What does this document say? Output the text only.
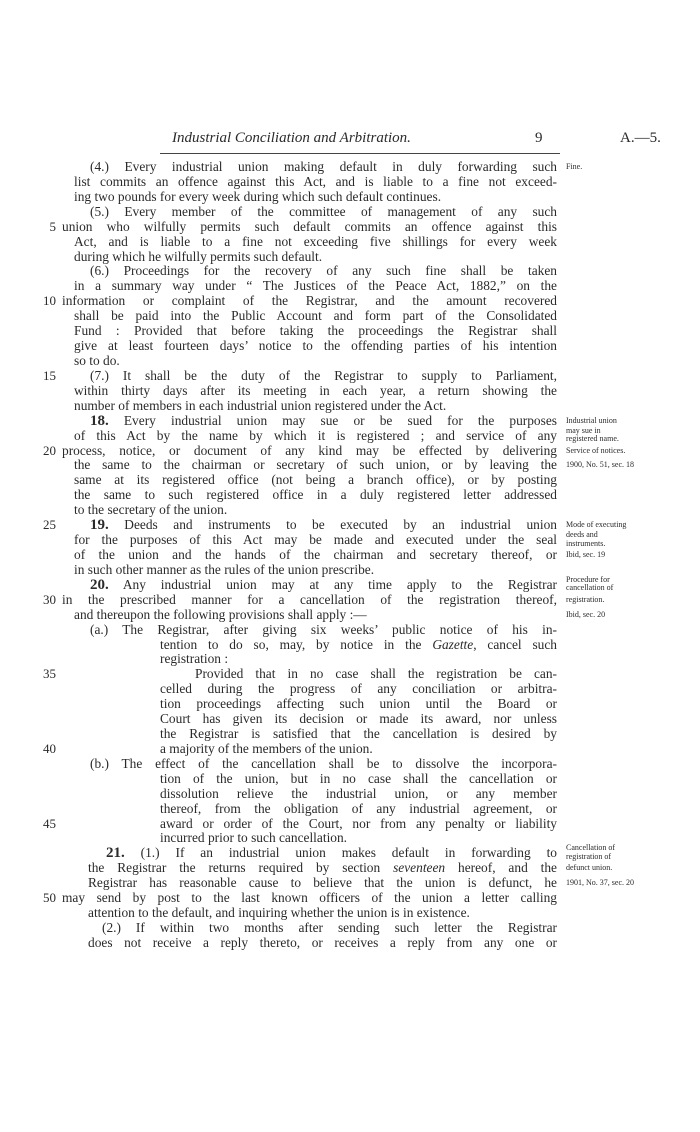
Industrial Conciliation and Arbitration.	9	A.—5.
(4.) Every industrial union making default in duly forwarding such Fine.
list commits an offence against this Act, and is liable to a fine not exceed-
ing two pounds for every week during which such default continues.
(5.) Every member of the committee of management of any such
5 union who wilfully permits such default commits an offence against this
Act, and is liable to a fine not exceeding five shillings for every week
during which he wilfully permits such default.
(6.) Proceedings for the recovery of any such fine shall be taken
in a summary way under “ The Justices of the Peace Act, 1882,” on the
10 information or complaint of the Registrar, and the amount recovered
shall be paid into the Public Account and form part of the Consolidated
Fund : Provided that before taking the proceedings the Registrar shall
give at least fourteen days’ notice to the offending parties of his intention
so to do.
15	(7.) It shall be the duty of the Registrar to supply to Parliament,
within thirty days after its meeting in each year, a return showing the
number of members in each industrial union registered under the Act.
18. Every industrial union may sue or be sued for the purposes Industrial union
of this Act by the name by which it is registered ; and service of any may sue in
registered name.
20 process, notice, or document of any kind may be effected by delivering Service of notices.
the same to the chairman or secretary of such union, or by leaving the 1900, No. 51, sec. 18
same at its registered office (not being a branch office), or by posting
the same to such registered office in a duly registered letter addressed
to the secretary of the union.
25 19. Deeds and instruments to be executed by an industrial union Mode of executing
for the purposes of this Act may be made and executed under the seal deeds and
instruments.
of the union and the hands of the chairman and secretary thereof, or Ibid, sec. 19
in such other manner as the rules of the union prescribe.
20. Any industrial union may at any time apply to the Registrar Procedure for
cancellation of
30 in the prescribed manner for a cancellation of the registration thereof, registration.
and thereupon the following provisions shall apply :—	Ibid, sec. 20
(a.) The Registrar, after giving six weeks’ public notice of his in-
tention to do so, may, by notice in the Gazette, cancel such
registration :
35	Provided that in no case shall the registration be can-
celled during the progress of any conciliation or arbitra-
tion proceedings affecting such union until the Board or
Court has given its decision or made its award, nor unless
the Registrar is satisfied that the cancellation is desired by
40	a majority of the members of the union.
(b.) The effect of the cancellation shall be to dissolve the incorpora-
tion of the union, but in no case shall the cancellation or
dissolution relieve the industrial union, or any member
thereof, from the obligation of any industrial agreement, or
45	award or order of the Court, nor from any penalty or liability
incurred prior to such cancellation.
21. (1.) If an industrial union makes default in forwarding to Cancellation of
registration of
the Registrar the returns required by section seventeen hereof, and the defunct union.
Registrar has reasonable cause to believe that the union is defunct, he 1901, No. 37, sec. 20
50 may send by post to the last known officers of the union a letter calling
attention to the default, and inquiring whether the union is in existence.
(2.) If within two months after sending such letter the Registrar
does not receive a reply thereto, or receives a reply from any one or
